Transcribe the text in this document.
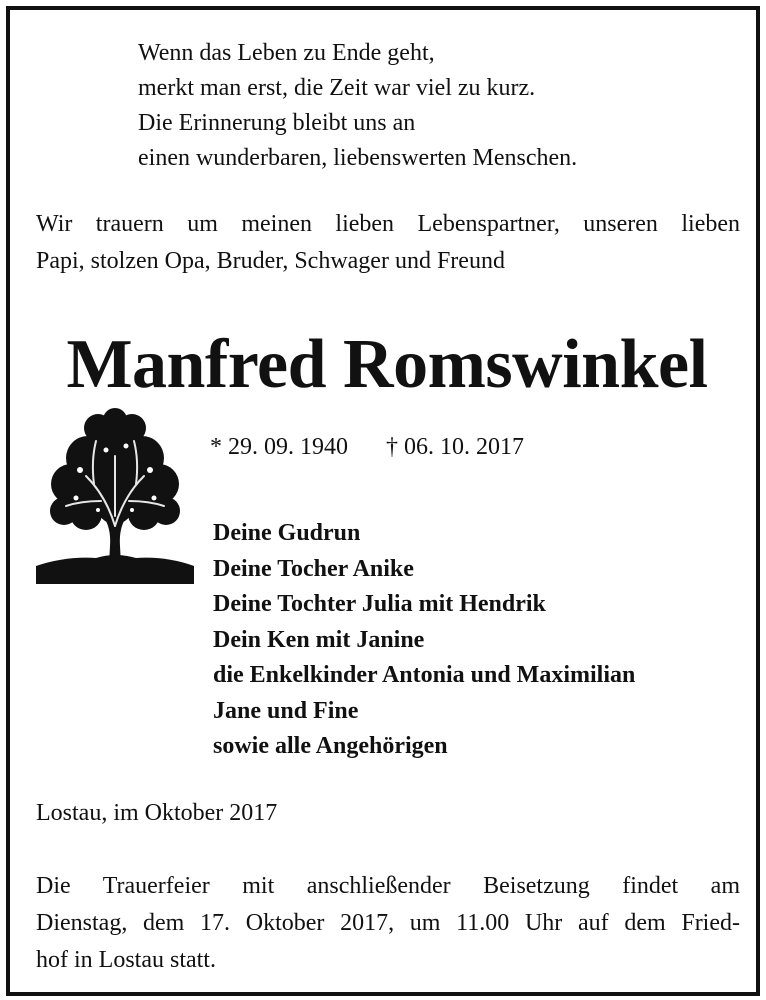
Wenn das Leben zu Ende geht,
merkt man erst, die Zeit war viel zu kurz.
Die Erinnerung bleibt uns an
einen wunderbaren, liebenswerten Menschen.

Wir trauern um meinen lieben Lebenspartner, unseren lieben
Papi, stolzen Opa, Bruder, Schwager und Freund

Manfred Romswinkel
* 29. 09. 1940 † 06. 10. 2017
Deine Gudrun
Deine Tocher Anike
Deine Tochter Julia mit Hendrik
Dein Ken mit Janine
die Enkelkinder Antonia und Maximilian
Jane und Fine
sowie alle Angehörigen
Lostau, im Oktober 2017
Die Trauerfeier mit anschließender Beisetzung findet am
Dienstag, dem 17. Oktober 2017, um 11.00 Uhr auf dem Fried-
hof in Lostau statt.
